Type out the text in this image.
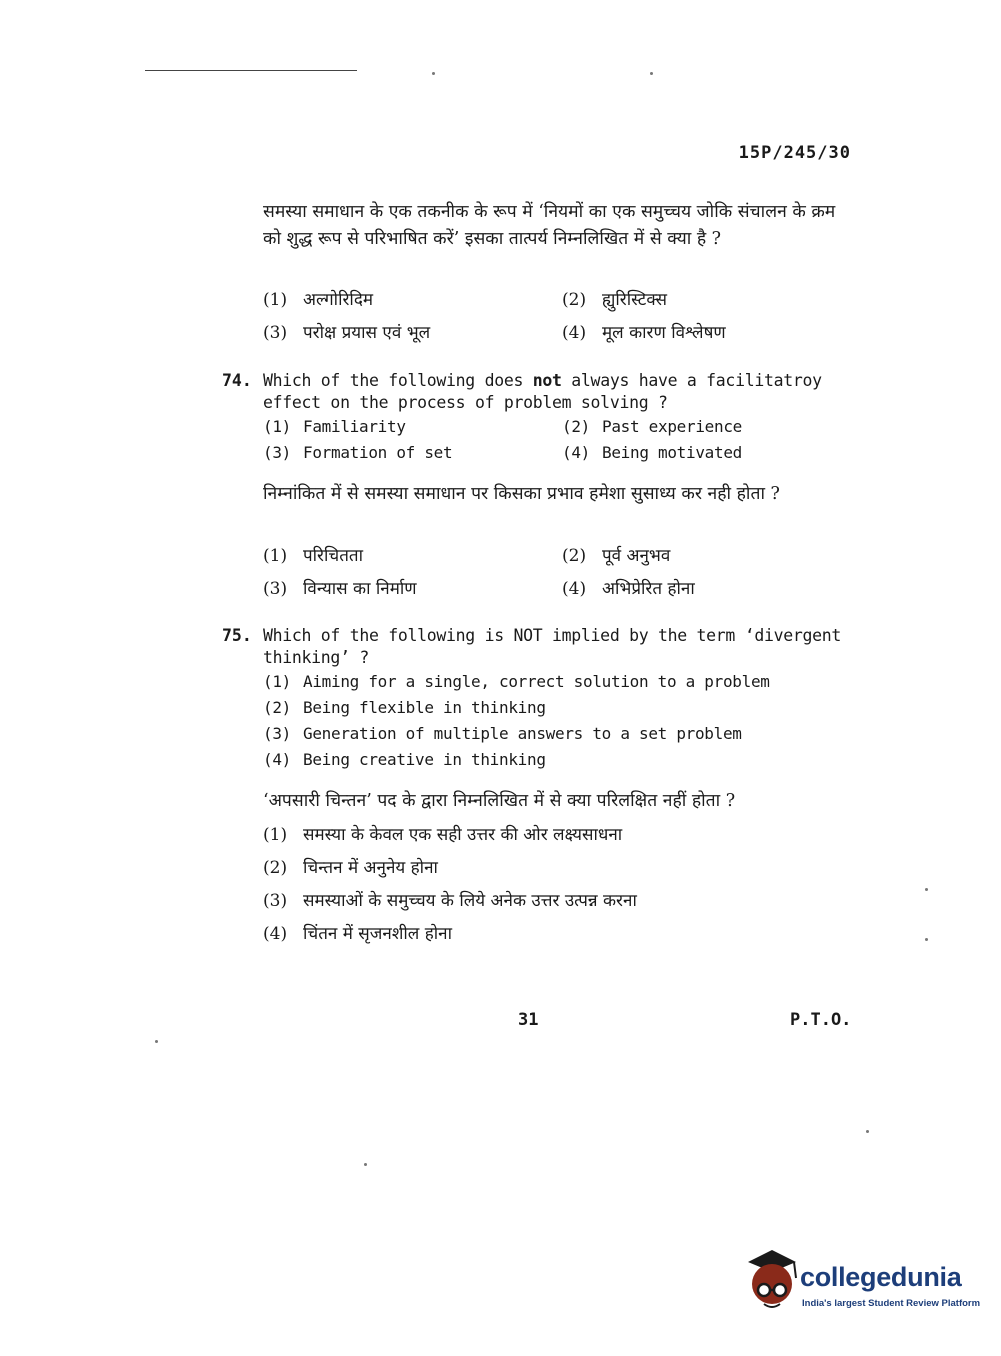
15P/245/30
समस्या समाधान के एक तकनीक के रूप में ‘नियमों का एक समुच्चय जोकि संचालन के क्रम को शुद्ध रूप से परिभाषित करें’ इसका तात्पर्य निम्नलिखित में से क्या है ?
(1) अल्गोरिदिम	(2) ह्युरिस्टिक्स
(3) परोक्ष प्रयास एवं भूल	(4) मूल कारण विश्लेषण
74. Which of the following does not always have a facilitatroy effect on the process of problem solving ?
(1) Familiarity	(2) Past experience
(3) Formation of set	(4) Being motivated
निम्नांकित में से समस्या समाधान पर किसका प्रभाव हमेशा सुसाध्य कर नही होता ?
(1) परिचितता	(2) पूर्व अनुभव
(3) विन्यास का निर्माण	(4) अभिप्रेरित होना
75. Which of the following is NOT implied by the term ‘divergent thinking’ ?
(1) Aiming for a single, correct solution to a problem
(2) Being flexible in thinking
(3) Generation of multiple answers to a set problem
(4) Being creative in thinking
‘अपसारी चिन्तन’ पद के द्वारा निम्नलिखित में से क्या परिलक्षित नहीं होता ?
(1) समस्या के केवल एक सही उत्तर की ओर लक्ष्यसाधना
(2) चिन्तन में अनुनेय होना
(3) समस्याओं के समुच्चय के लिये अनेक उत्तर उत्पन्न करना
(4) चिंतन में सृजनशील होना
31	P.T.O.
collegedunia
India's largest Student Review Platform
